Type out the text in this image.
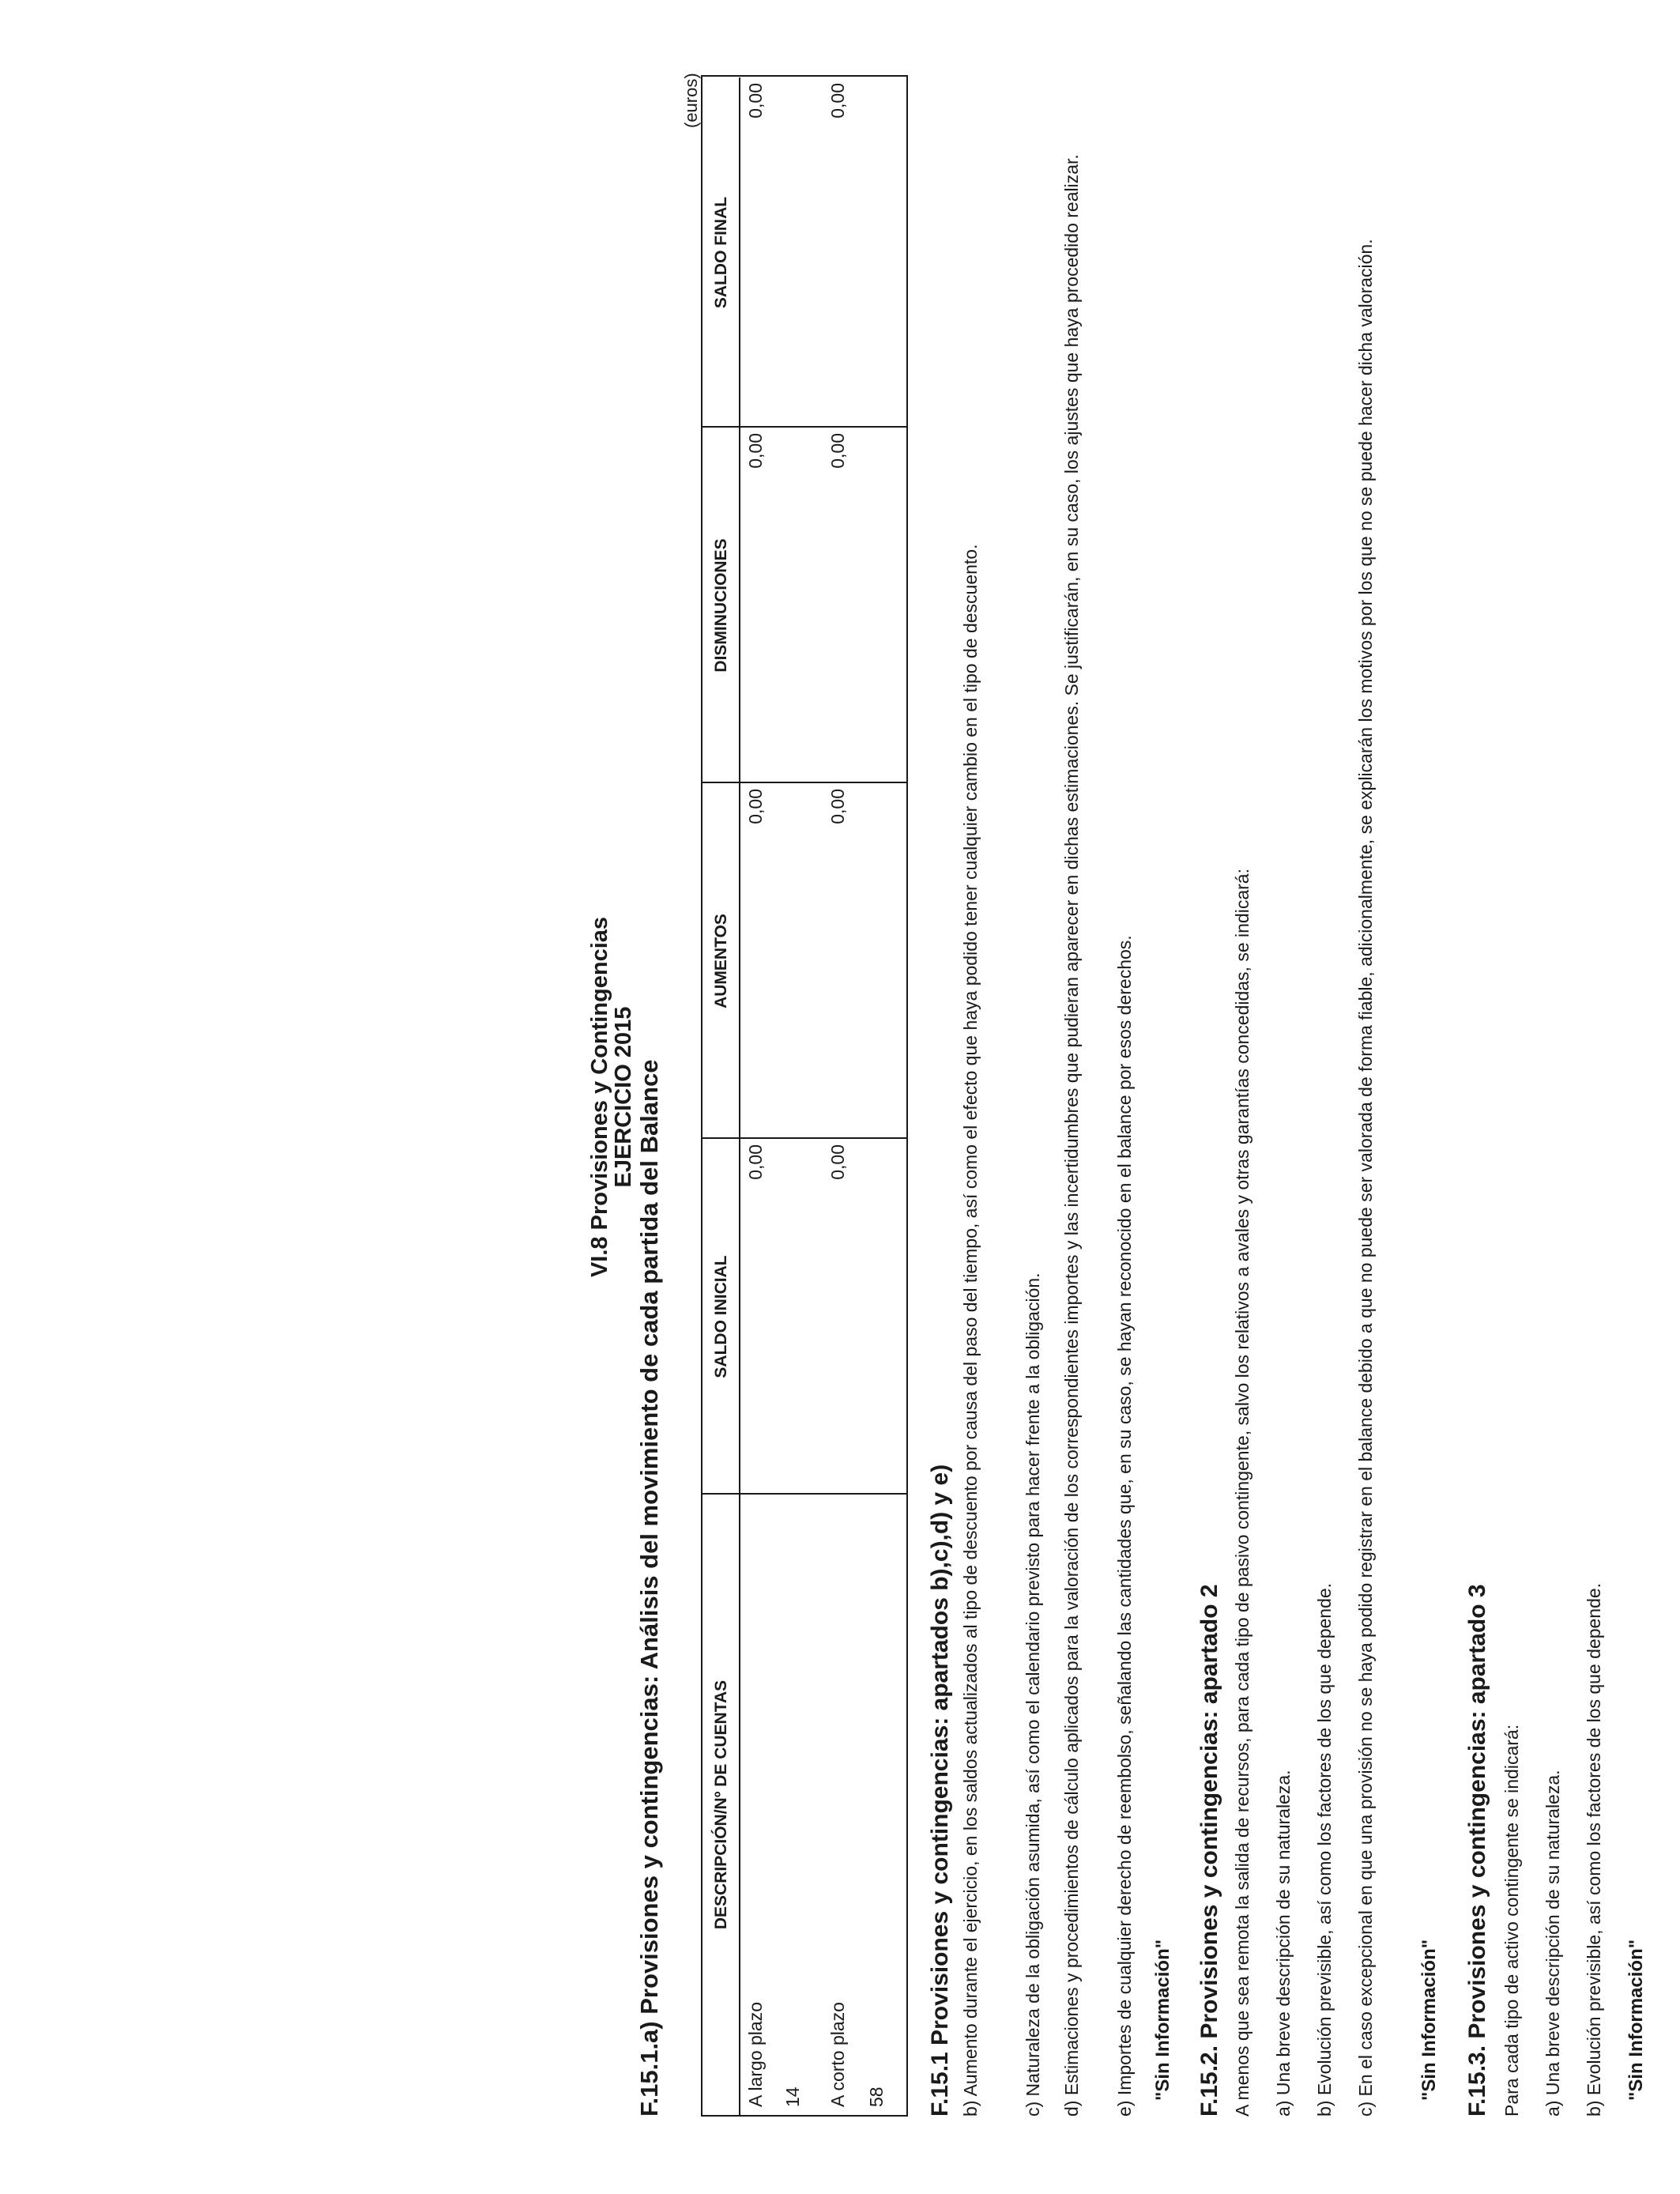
VI.8 Provisiones y Contingencias
EJERCICIO 2015 F.15.1.a) Provisiones y contingencias: Análisis del movimiento de cada partida del Balance
(euros)
DESCRIPCIÓN/Nº DE CUENTAS
SALDO INICIAL
AUMENTOS
DISMINUCIONES
SALDO FINAL
A largo plazo 14
0,00
0,00
0,00
0,00
A corto plazo 58
0,00
0,00
0,00
0,00
F.15.1 Provisiones y contingencias: apartados b),c),d) y e) b) Aumento durante el ejercicio, en los saldos actualizados al tipo de descuento por causa del paso del tiempo, así como el efecto que haya podido tener cualquier cambio en el tipo de descuento. c) Naturaleza de la obligación asumida, así como el calendario previsto para hacer frente a la obligación. d) Estimaciones y procedimientos de cálculo aplicados para la valoración de los correspondientes importes y las incertidumbres que pudieran aparecer en dichas estimaciones. Se justificarán, en su caso, los ajustes que haya procedido realizar. e) Importes de cualquier derecho de reembolso, señalando las cantidades que, en su caso, se hayan reconocido en el balance por esos derechos. "Sin Información" F.15.2. Provisiones y contingencias: apartado 2 A menos que sea remota la salida de recursos, para cada tipo de pasivo contingente, salvo los relativos a avales y otras garantías concedidas, se indicará: a) Una breve descripción de su naturaleza. b) Evolución previsible, así como los factores de los que depende. c) En el caso excepcional en que una provisión no se haya podido registrar en el balance debido a que no puede ser valorada de forma fiable, adicionalmente, se explicarán los motivos por los que no se puede hacer dicha valoración. "Sin Información" F.15.3. Provisiones y contingencias: apartado 3 Para cada tipo de activo contingente se indicará: a) Una breve descripción de su naturaleza. b) Evolución previsible, así como los factores de los que depende. "Sin Información"
